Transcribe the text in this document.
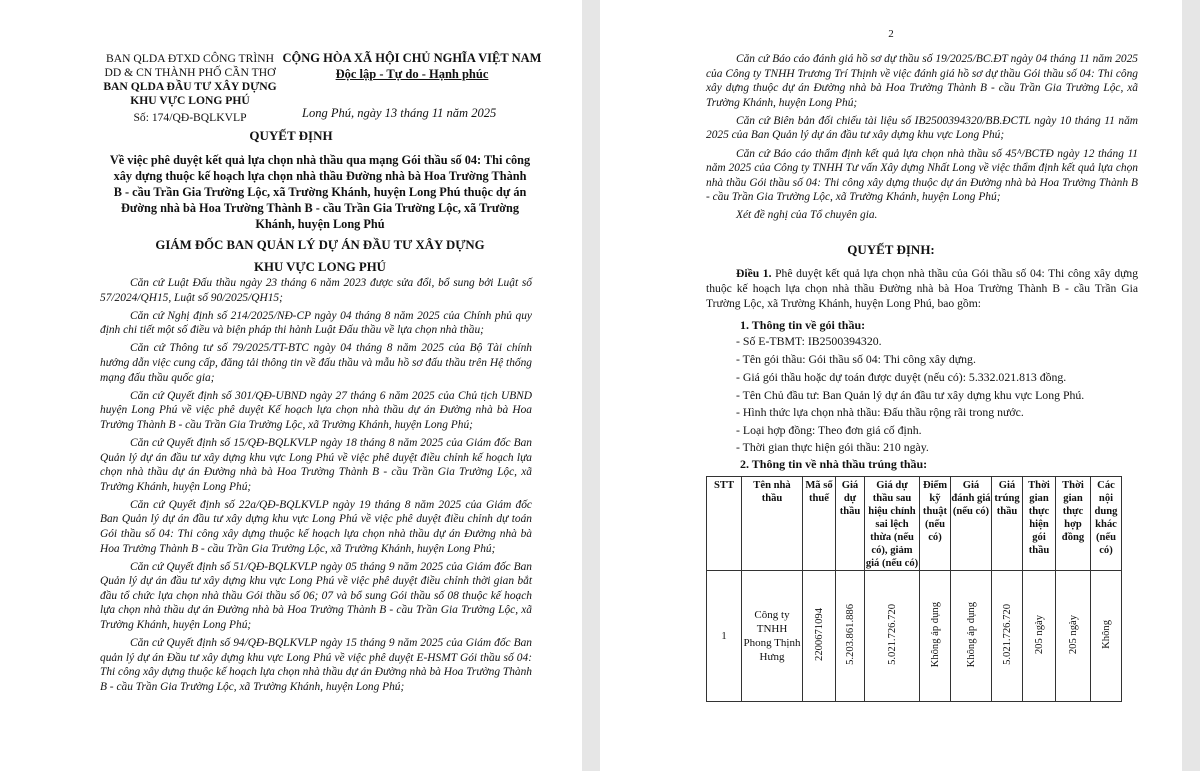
BAN QLDA ĐTXD CÔNG TRÌNH
DD & CN THÀNH PHỐ CẦN THƠ
BAN QLDA ĐẦU TƯ XÂY DỰNG
KHU VỰC LONG PHÚ
Số: 174/QĐ-BQLKVLP
CỘNG HÒA XÃ HỘI CHỦ NGHĨA VIỆT NAM
Độc lập - Tự do - Hạnh phúc
Long Phú, ngày 13 tháng 11 năm 2025
QUYẾT ĐỊNH
Về việc phê duyệt kết quả lựa chọn nhà thầu qua mạng Gói thầu số 04: Thi công xây dựng thuộc kế hoạch lựa chọn nhà thầu Đường nhà bà Hoa Trường Thành B - cầu Trần Gia Trường Lộc, xã Trường Khánh, huyện Long Phú thuộc dự án Đường nhà bà Hoa Trường Thành B - cầu Trần Gia Trường Lộc, xã Trường Khánh, huyện Long Phú
GIÁM ĐỐC BAN QUẢN LÝ DỰ ÁN ĐẦU TƯ XÂY DỰNG
KHU VỰC LONG PHÚ

Căn cứ Luật Đấu thầu ngày 23 tháng 6 năm 2023 được sửa đổi, bổ sung bởi Luật số 57/2024/QH15, Luật số 90/2025/QH15;

Căn cứ Nghị định số 214/2025/NĐ-CP ngày 04 tháng 8 năm 2025 của Chính phủ quy định chi tiết một số điều và biện pháp thi hành Luật Đấu thầu về lựa chọn nhà thầu;

Căn cứ Thông tư số 79/2025/TT-BTC ngày 04 tháng 8 năm 2025 của Bộ Tài chính hướng dẫn việc cung cấp, đăng tải thông tin về đấu thầu và mẫu hồ sơ đấu thầu trên Hệ thống mạng đấu thầu quốc gia;

Căn cứ Quyết định số 301/QĐ-UBND ngày 27 tháng 6 năm 2025 của Chủ tịch UBND huyện Long Phú về việc phê duyệt Kế hoạch lựa chọn nhà thầu dự án Đường nhà bà Hoa Trường Thành B - cầu Trần Gia Trường Lộc, xã Trường Khánh, huyện Long Phú;

Căn cứ Quyết định số 15/QĐ-BQLKVLP ngày 18 tháng 8 năm 2025 của Giám đốc Ban Quản lý dự án đầu tư xây dựng khu vực Long Phú về việc phê duyệt điều chỉnh kế hoạch lựa chọn nhà thầu dự án Đường nhà bà Hoa Trường Thành B - cầu Trần Gia Trường Lộc, xã Trường Khánh, huyện Long Phú;

Căn cứ Quyết định số 22a/QĐ-BQLKVLP ngày 19 tháng 8 năm 2025 của Giám đốc Ban Quản lý dự án đầu tư xây dựng khu vực Long Phú về việc phê duyệt điều chỉnh dự toán Gói thầu số 04: Thi công xây dựng thuộc kế hoạch lựa chọn nhà thầu dự án Đường nhà bà Hoa Trường Thành B - cầu Trần Gia Trường Lộc, xã Trường Khánh, huyện Long Phú;

Căn cứ Quyết định số 51/QĐ-BQLKVLP ngày 05 tháng 9 năm 2025 của Giám đốc Ban Quản lý dự án đầu tư xây dựng khu vực Long Phú về việc phê duyệt điều chỉnh thời gian bắt đầu tổ chức lựa chọn nhà thầu Gói thầu số 06; 07 và bổ sung Gói thầu số 08 thuộc kế hoạch lựa chọn nhà thầu dự án Đường nhà bà Hoa Trường Thành B - cầu Trần Gia Trường Lộc, xã Trường Khánh, huyện Long Phú;

Căn cứ Quyết định số 94/QĐ-BQLKVLP ngày 15 tháng 9 năm 2025 của Giám đốc Ban quản lý dự án Đầu tư xây dựng khu vực Long Phú về việc phê duyệt E-HSMT Gói thầu số 04: Thi công xây dựng thuộc kế hoạch lựa chọn nhà thầu dự án Đường nhà bà Hoa Trường Thành B - cầu Trần Gia Trường Lộc, xã Trường Khánh, huyện Long Phú;

2

Căn cứ Báo cáo đánh giá hồ sơ dự thầu số 19/2025/BC.ĐT ngày 04 tháng 11 năm 2025 của Công ty TNHH Trương Trí Thịnh về việc đánh giá hồ sơ dự thầu Gói thầu số 04: Thi công xây dựng thuộc dự án Đường nhà bà Hoa Trường Thành B - cầu Trần Gia Trường Lộc, xã Trường Khánh, huyện Long Phú;

Căn cứ Biên bản đối chiếu tài liệu số IB2500394320/BB.ĐCTL ngày 10 tháng 11 năm 2025 của Ban Quản lý dự án đầu tư xây dựng khu vực Long Phú;

Căn cứ Báo cáo thẩm định kết quả lựa chọn nhà thầu số 45ᴬ/BCTĐ ngày 12 tháng 11 năm 2025 của Công ty TNHH Tư vấn Xây dựng Nhất Long về việc thẩm định kết quả lựa chọn nhà thầu Gói thầu số 04: Thi công xây dựng thuộc dự án Đường nhà bà Hoa Trường Thành B - cầu Trần Gia Trường Lộc, xã Trường Khánh, huyện Long Phú;

Xét đề nghị của Tổ chuyên gia.

QUYẾT ĐỊNH:

Điều 1. Phê duyệt kết quả lựa chọn nhà thầu của Gói thầu số 04: Thi công xây dựng thuộc kế hoạch lựa chọn nhà thầu Đường nhà bà Hoa Trường Thành B - cầu Trần Gia Trường Lộc, xã Trường Khánh, huyện Long Phú, bao gồm:

1. Thông tin về gói thầu:
- Số E-TBMT: IB2500394320.
- Tên gói thầu: Gói thầu số 04: Thi công xây dựng.
- Giá gói thầu hoặc dự toán được duyệt (nếu có): 5.332.021.813 đồng.
- Tên Chủ đầu tư: Ban Quản lý dự án đầu tư xây dựng khu vực Long Phú.
- Hình thức lựa chọn nhà thầu: Đấu thầu rộng rãi trong nước.
- Loại hợp đồng: Theo đơn giá cố định.
- Thời gian thực hiện gói thầu: 210 ngày.
2. Thông tin về nhà thầu trúng thầu:
STT	Tên nhà thầu	Mã số thuế	Giá dự thầu	Giá dự thầu sau hiệu chỉnh sai lệch thừa (nếu có), giảm giá (nếu có)	Điểm kỹ thuật (nếu có)	Giá đánh giá (nếu có)	Giá trúng thầu	Thời gian thực hiện gói thầu	Thời gian thực hợp đồng	Các nội dung khác (nếu có)
1	Công ty TNHH Phong Thịnh Hưng	2200671094	5.203.861.886	5.021.726.720	Không áp dụng	Không áp dụng	5.021.726.720	205 ngày	205 ngày	Không
